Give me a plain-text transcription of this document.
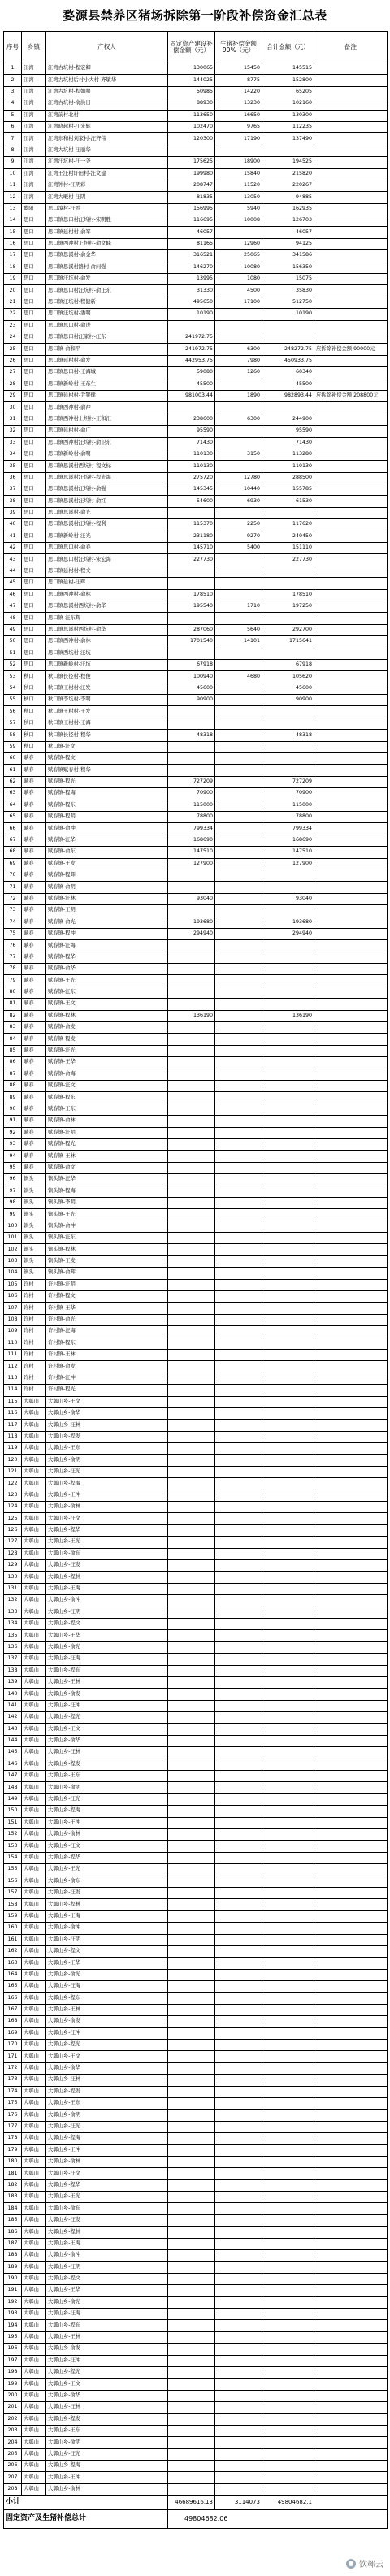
婺源县禁养区猪场拆除第一阶段补偿资金汇总表
序号	乡镇	产权人	固定资产建设补偿金额（元）	生猪补偿金额 90%（元）	合计金额（元）	备注
1	江湾	江湾古坑村-程宏卿	130065	15450	145515	
2	江湾	江湾古坑村后村小大村-齐敏华	144025	8775	152800	
3	江湾	江湾古坑村-程如明	50985	14220	65205	
4	江湾	江湾古坑村-俞洪日	88930	13230	102160	
5	江湾	江湾前村北村	113650	16650	130300	
6	江湾	江湾晓起村-江光辉	102470	9765	112235	
7	江湾	江湾东和村刘家村-汪齐伟	120300	17190	137490	
8	江湾	江湾大坑村-汪丽华				
9	江湾	江湾汪坑村-汪一尧	175625	18900	194525	
10	江湾	江湾王汪村许田村-汪文建	199980	15840	215820	
11	江湾	江湾钟村-江明彩	208747	11520	220267	
12	江湾	江湾大畈村-汪阴	81835	13050	94885	
13	紫阳	思口漳村-汪胜	156995	5940	162935	
14	思口	思口镇思口村汪坞村-宋明胜	116695	10008	126703	
15	思口	思口镇延村村-俞军	46057		46057	
16	思口	思口镇西冲村上坦村-俞文峰	81165	12960	94125	
17	思口	思口镇思溪村-俞金华	316521	25065	341586	
18	思口	思口镇思溪村路村-俞问强	146270	10080	156350	
19	思口	思口镇汪坑村-俞发	13995	1080	15075	
20	思口	思口镇思口村汪坑村-俞正东	31330	4500	35830	
21	思口	思口镇汪坑村-程健新	495650	17100	512750	
22	思口	思口镇汪坑村-潘明	10190		10190	
23	思口	思口镇思口村-俞进				
24	思口	思口镇思口村汪家村-汪东	241972.75			
25	思口	思口镇-俞和平	241972.75	6300	248272.75	应拆除补偿金额 90000元
26	思口	思口镇延村村-俞发	442953.75	7980	450933.75	
27	思口	思口镇思口村-王海城	59080	1260	60340	
28	思口	思口镇新岭村-王东生	45500		45500	
29	思口	思口镇延村村-尹警健	981003.44	1890	982893.44	应拆除补偿金额 208800元
30	思口	思口镇西冲村-俞冲				
31	思口	思口镇西冲村上坦村-王和汇	238600	6300	244900	
32	思口	思口镇延村村-俞广	95590		95590	
33	思口	思口镇西冲村汪坞村-俞卫东	71430		71430	
34	思口	思口镇新岭村-俞明	110130	3150	113280	
35	思口	思口镇思溪村西坑村-程文标	110130		110130	
36	思口	思口镇思溪村汪坞村-程光海	275720	12780	288500	
37	思口	思口镇思溪村汪坞村-俞强	145345	10440	155785	
38	思口	思口镇思溪村汪坞村-俞红	54600	6930	61530	
39	思口	思口镇思溪村-俞光				
40	思口	思口镇思溪村汪坞村-程利	115370	2250	117620	
41	思口	思口镇新岭村-汪光	231180	9270	240450	
42	思口	思口镇思口村-俞春	145710	5400	151110	
43	思口	思口镇思口村汪坞村-宋宏海	227730		227730	
44	思口	思口镇延村村-程文				
45	思口	思口镇延村-汪辉				
46	思口	思口镇西冲村-俞林	178510		178510	
47	思口	思口镇思溪村西坑村-俞华	195540	1710	197250	
48	思口	思口镇-汪东辉				
49	思口	思口镇思溪村西坑村-俞华	287060	5640	292700	
50	思口	思口镇西冲村-俞林	1701540	14101	1715641	
51	思口	思口镇西坑村-汪坑				
52	思口	思口镇新岭村-汪坑	67918		67918	
53	秋口	秋口镇长径村-程俊	100940	4680	105620	
54	秋口	秋口镇王村村-汪发	45600		45600	
55	秋口	秋口镇李坑村-李明	90900		90900	
56	秋口	秋口镇王村村-王发				
57	秋口	秋口镇王村村-王海				
58	秋口	秋口镇长径村-程华	48318		48318	
59	秋口	秋口镇-汪文				
60	赋春	赋春镇-程文				
61	赋春	赋春镇赋春村-程华				
62	赋春	赋春镇-程光	727209		727209	
63	赋春	赋春镇-程海	70900		70900	
64	赋春	赋春镇-程东	115000		115000	
65	赋春	赋春镇-程明	78800		78800	
66	赋春	赋春镇-俞冲	799334		799334	
67	赋春	赋春镇-汪华	168690		168690	
68	赋春	赋春镇-俞东	147510		147510	
69	赋春	赋春镇-王发	127900		127900	
70	赋春	赋春镇-程辉				
71	赋春	赋春镇-俞明				
72	赋春	赋春镇-汪林	93040		93040	
73	赋春	赋春镇-王明				
74	赋春	赋春镇-俞光	193680		193680	
75	赋春	赋春镇-程冲	294940		294940	
76	赋春	赋春镇-汪海				
77	赋春	赋春镇-程华				
78	赋春	赋春镇-俞华				
79	赋春	赋春镇-王光				
80	赋春	赋春镇-汪东				
81	赋春	赋春镇-王文				
82	赋春	赋春镇-程林	136190		136190	
83	赋春	赋春镇-俞发				
84	赋春	赋春镇-程发				
85	赋春	赋春镇-汪光				
86	赋春	赋春镇-王华				
87	赋春	赋春镇-俞海				
88	赋春	赋春镇-汪文				
89	赋春	赋春镇-程东				
90	赋春	赋春镇-王东				
91	赋春	赋春镇-俞林				
92	赋春	赋春镇-汪明				
93	赋春	赋春镇-程光				
94	赋春	赋春镇-王林				
95	赋春	赋春镇-俞文				
96	镇头	镇头镇-汪华				
97	镇头	镇头镇-程海				
98	镇头	镇头镇-李明				
99	镇头	镇头镇-王光				
100	镇头	镇头镇-俞冲				
101	镇头	镇头镇-汪东				
102	镇头	镇头镇-程林				
103	镇头	镇头镇-王发				
104	镇头	镇头镇-俞辉				
105	许村	许村镇-汪明				
106	许村	许村镇-程文				
107	许村	许村镇-王华				
108	许村	许村镇-俞光				
109	许村	许村镇-汪海				
110	许村	许村镇-程东				
111	许村	许村镇-王林				
112	许村	许村镇-俞发				
113	许村	许村镇-汪冲				
114	许村	许村镇-程光				
115	大鄣山	大鄣山乡-王文				
116	大鄣山	大鄣山乡-俞华				
117	大鄣山	大鄣山乡-汪林				
118	大鄣山	大鄣山乡-程发				
119	大鄣山	大鄣山乡-王东				
120	大鄣山	大鄣山乡-俞明				
121	大鄣山	大鄣山乡-汪光				
122	大鄣山	大鄣山乡-程海				
123	大鄣山	大鄣山乡-王冲				
124	大鄣山	大鄣山乡-俞林				
125	大鄣山	大鄣山乡-汪文				
126	大鄣山	大鄣山乡-程华				
127	大鄣山	大鄣山乡-王光				
128	大鄣山	大鄣山乡-俞东				
129	大鄣山	大鄣山乡-汪发				
130	大鄣山	大鄣山乡-程林				
131	大鄣山	大鄣山乡-王海				
132	大鄣山	大鄣山乡-俞冲				
133	大鄣山	大鄣山乡-汪明				
134	大鄣山	大鄣山乡-程文				
135	大鄣山	大鄣山乡-王华				
136	大鄣山	大鄣山乡-俞光				
137	大鄣山	大鄣山乡-汪海				
138	大鄣山	大鄣山乡-程东				
139	大鄣山	大鄣山乡-王林				
140	大鄣山	大鄣山乡-俞发				
141	大鄣山	大鄣山乡-汪冲				
142	大鄣山	大鄣山乡-程光				
143	大鄣山	大鄣山乡-王文				
144	大鄣山	大鄣山乡-俞华				
145	大鄣山	大鄣山乡-汪林				
146	大鄣山	大鄣山乡-程发				
147	大鄣山	大鄣山乡-王东				
148	大鄣山	大鄣山乡-俞明				
149	大鄣山	大鄣山乡-汪光				
150	大鄣山	大鄣山乡-程海				
151	大鄣山	大鄣山乡-王冲				
152	大鄣山	大鄣山乡-俞林				
153	大鄣山	大鄣山乡-汪文				
154	大鄣山	大鄣山乡-程华				
155	大鄣山	大鄣山乡-王光				
156	大鄣山	大鄣山乡-俞东				
157	大鄣山	大鄣山乡-汪发				
158	大鄣山	大鄣山乡-程林				
159	大鄣山	大鄣山乡-王海				
160	大鄣山	大鄣山乡-俞冲				
161	大鄣山	大鄣山乡-汪明				
162	大鄣山	大鄣山乡-程文				
163	大鄣山	大鄣山乡-王华				
164	大鄣山	大鄣山乡-俞光				
165	大鄣山	大鄣山乡-汪海				
166	大鄣山	大鄣山乡-程东				
167	大鄣山	大鄣山乡-王林				
168	大鄣山	大鄣山乡-俞发				
169	大鄣山	大鄣山乡-汪冲				
170	大鄣山	大鄣山乡-程光				
171	大鄣山	大鄣山乡-王文				
172	大鄣山	大鄣山乡-俞华				
173	大鄣山	大鄣山乡-汪林				
174	大鄣山	大鄣山乡-程发				
175	大鄣山	大鄣山乡-王东				
176	大鄣山	大鄣山乡-俞明				
177	大鄣山	大鄣山乡-汪光				
178	大鄣山	大鄣山乡-程海				
179	大鄣山	大鄣山乡-王冲				
180	大鄣山	大鄣山乡-俞林				
181	大鄣山	大鄣山乡-汪文				
182	大鄣山	大鄣山乡-程华				
183	大鄣山	大鄣山乡-王光				
184	大鄣山	大鄣山乡-俞东				
185	大鄣山	大鄣山乡-汪发				
186	大鄣山	大鄣山乡-程林				
187	大鄣山	大鄣山乡-王海				
188	大鄣山	大鄣山乡-俞冲				
189	大鄣山	大鄣山乡-汪明				
190	大鄣山	大鄣山乡-程文				
191	大鄣山	大鄣山乡-王华				
192	大鄣山	大鄣山乡-俞光				
193	大鄣山	大鄣山乡-汪海				
194	大鄣山	大鄣山乡-程东				
195	大鄣山	大鄣山乡-王林				
196	大鄣山	大鄣山乡-俞发				
197	大鄣山	大鄣山乡-汪冲				
198	大鄣山	大鄣山乡-程光				
199	大鄣山	大鄣山乡-王文				
200	大鄣山	大鄣山乡-俞华				
201	大鄣山	大鄣山乡-汪林				
202	大鄣山	大鄣山乡-程发				
203	大鄣山	大鄣山乡-王东				
204	大鄣山	大鄣山乡-俞明				
205	大鄣山	大鄣山乡-汪光				
206	大鄣山	大鄣山乡-程海				
207	大鄣山	大鄣山乡-王冲				
208	大鄣山	大鄣山乡-俞林				
小计			46689616.13	3114073	49804682.1	
固定资产及生猪补偿总计			49804682.06			
● 饮鄣云
